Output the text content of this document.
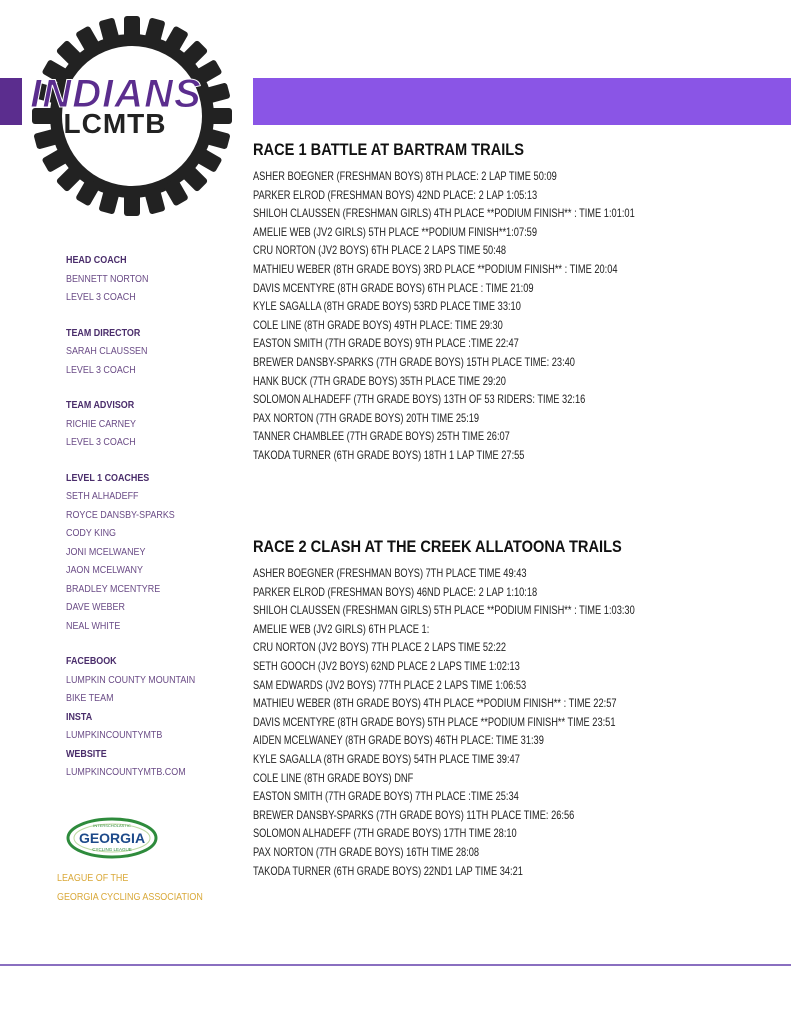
INDIANS
LCMTB
HEAD COACH
BENNETT NORTON
LEVEL 3 COACH
TEAM DIRECTOR
SARAH CLAUSSEN
LEVEL 3 COACH
TEAM ADVISOR
RICHIE CARNEY
LEVEL 3 COACH
LEVEL 1 COACHES
SETH ALHADEFF
ROYCE DANSBY-SPARKS
CODY KING
JONI MCELWANEY
JAON MCELWANY
BRADLEY MCENTYRE
DAVE WEBER
NEAL WHITE
FACEBOOK
LUMPKIN COUNTY MOUNTAIN
BIKE TEAM
INSTA
LUMPKINCOUNTYMTB
WEBSITE
LUMPKINCOUNTYMTB.COM
INTERSCHOLASTIC
GEORGIA
CYCLING LEAGUE
LEAGUE OF THE
GEORGIA CYCLING ASSOCIATION
RACE 1 BATTLE AT BARTRAM TRAILS
ASHER BOEGNER (FRESHMAN BOYS) 8TH PLACE: 2 LAP TIME 50:09
PARKER ELROD (FRESHMAN BOYS) 42ND PLACE: 2 LAP 1:05:13
SHILOH CLAUSSEN (FRESHMAN GIRLS) 4TH PLACE **PODIUM FINISH** : TIME 1:01:01
AMELIE WEB (JV2 GIRLS) 5TH PLACE **PODIUM FINISH**1:07:59
CRU NORTON (JV2 BOYS) 6TH PLACE 2 LAPS TIME 50:48
MATHIEU WEBER (8TH GRADE BOYS) 3RD PLACE **PODIUM FINISH** : TIME 20:04
DAVIS MCENTYRE (8TH GRADE BOYS) 6TH PLACE : TIME 21:09
KYLE SAGALLA (8TH GRADE BOYS) 53RD PLACE TIME 33:10
COLE LINE (8TH GRADE BOYS) 49TH PLACE: TIME 29:30
EASTON SMITH (7TH GRADE BOYS) 9TH PLACE :TIME 22:47
BREWER DANSBY-SPARKS (7TH GRADE BOYS) 15TH PLACE TIME: 23:40
HANK BUCK (7TH GRADE BOYS) 35TH PLACE TIME 29:20
SOLOMON ALHADEFF (7TH GRADE BOYS) 13TH OF 53 RIDERS: TIME 32:16
PAX NORTON (7TH GRADE BOYS) 20TH TIME 25:19
TANNER CHAMBLEE (7TH GRADE BOYS) 25TH TIME 26:07
TAKODA TURNER (6TH GRADE BOYS) 18TH 1 LAP TIME 27:55
RACE 2 CLASH AT THE CREEK ALLATOONA TRAILS
ASHER BOEGNER (FRESHMAN BOYS) 7TH PLACE TIME 49:43
PARKER ELROD (FRESHMAN BOYS) 46ND PLACE: 2 LAP 1:10:18
SHILOH CLAUSSEN (FRESHMAN GIRLS) 5TH PLACE **PODIUM FINISH** : TIME 1:03:30
AMELIE WEB (JV2 GIRLS) 6TH PLACE 1:
CRU NORTON (JV2 BOYS) 7TH PLACE 2 LAPS TIME 52:22
SETH GOOCH (JV2 BOYS) 62ND PLACE 2 LAPS TIME 1:02:13
SAM EDWARDS (JV2 BOYS) 77TH PLACE 2 LAPS TIME 1:06:53
MATHIEU WEBER (8TH GRADE BOYS) 4TH PLACE **PODIUM FINISH** : TIME 22:57
DAVIS MCENTYRE (8TH GRADE BOYS) 5TH PLACE **PODIUM FINISH** TIME 23:51
AIDEN MCELWANEY (8TH GRADE BOYS) 46TH PLACE: TIME 31:39
KYLE SAGALLA (8TH GRADE BOYS) 54TH PLACE TIME 39:47
COLE LINE (8TH GRADE BOYS) DNF
EASTON SMITH (7TH GRADE BOYS) 7TH PLACE :TIME 25:34
BREWER DANSBY-SPARKS (7TH GRADE BOYS) 11TH PLACE TIME: 26:56
SOLOMON ALHADEFF (7TH GRADE BOYS) 17TH TIME 28:10
PAX NORTON (7TH GRADE BOYS) 16TH TIME 28:08
TAKODA TURNER (6TH GRADE BOYS) 22ND1 LAP TIME 34:21
